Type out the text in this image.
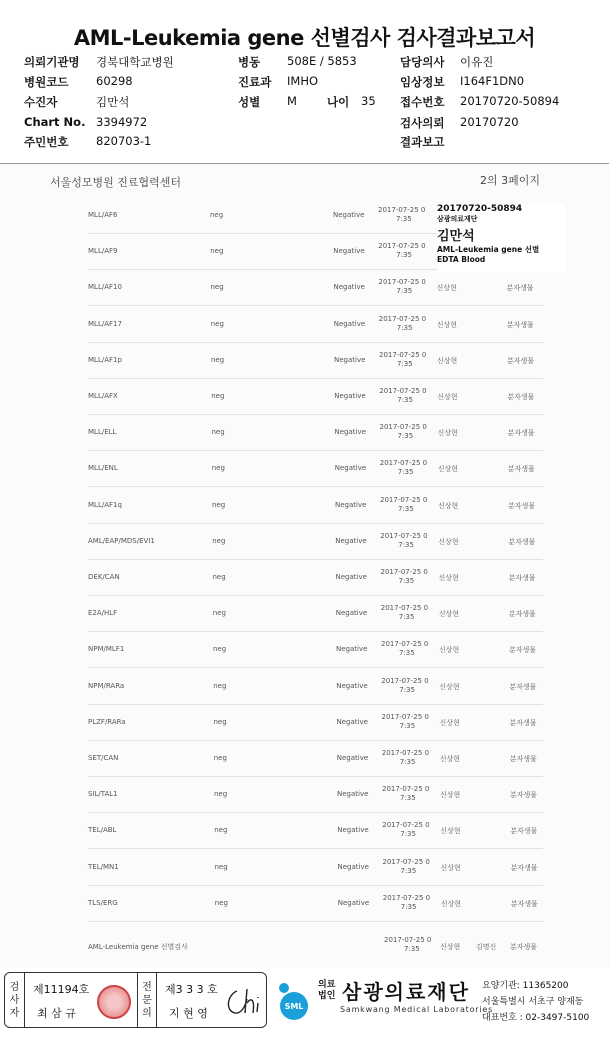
AML-Leukemia gene 선별검사 검사결과보고서
의뢰기관명 경북대학교병원	병동 508E / 5853	담당의사 이유진
병원코드 60298	진료과 IMHO	임상정보 I164F1DN0
수진자	김만석	성별 M	나이 35 접수번호 20170720-50894
Chart No. 3394972	검사의뢰 20170720
주민번호 820703-1	결과보고
서울성모병원 진료협력센터	2의 3페이지
MLL/AF6	neg	Negative
2017-07-25 0
7:35
MLL/AF9	neg	Negative
2017-07-25 0
7:35
MLL/AF10	neg	Negative
2017-07-25 0
7:35	신상현	분자생물
MLL/AF17	neg	Negative
2017-07-25 0
7:35	신상현	분자생물
MLL/AF1p	neg	Negative
2017-07-25 0
7:35	신상현	분자생물
MLL/AFX	neg	Negative
2017-07-25 0
7:35	신상현	분자생물
MLL/ELL	neg	Negative
2017-07-25 0
7:35	신상현	분자생물
MLL/ENL	neg	Negative
2017-07-25 0
7:35	신상현	분자생물
MLL/AF1q	neg	Negative
2017-07-25 0
7:35	신상현	분자생물
AML/EAP/MDS/EVI1	neg	Negative
2017-07-25 0
7:35	신상현	분자생물
DEK/CAN	neg	Negative
2017-07-25 0
7:35	신상현	분자생물
E2A/HLF	neg	Negative
2017-07-25 0
7:35	신상현	분자생물
NPM/MLF1	neg	Negative
2017-07-25 0
7:35	신상현	분자생물
NPM/RARa	neg	Negative
2017-07-25 0
7:35	신상현	분자생물
PLZF/RARa	neg	Negative
2017-07-25 0
7:35	신상현	분자생물
SET/CAN	neg	Negative
2017-07-25 0
7:35	신상현	분자생물
SIL/TAL1	neg	Negative
2017-07-25 0
7:35	신상현	분자생물
TEL/ABL	neg	Negative
2017-07-25 0
7:35	신상현	분자생물
TEL/MN1	neg	Negative
2017-07-25 0
7:35	신상현	분자생물
TLS/ERG	neg	Negative
2017-07-25 0
7:35	신상현	분자생물
20170720-50894
삼광의료재단
김만석
AML-Leukemia gene 선별
EDTA Blood
AML-Leukemia gene 선별검사
2017-07-25 0
7:35	신상현 김명신 분자생물
검
사
자
제11194호
최 삼 규
전
문
의
제3 3 3 호
지 현 영
SML
의료
법인 삼광의료재단
Samkwang Medical Laboratories
요양기관: 11365200
서울특별시 서초구 양재동
대표번호 : 02-3497-5100
